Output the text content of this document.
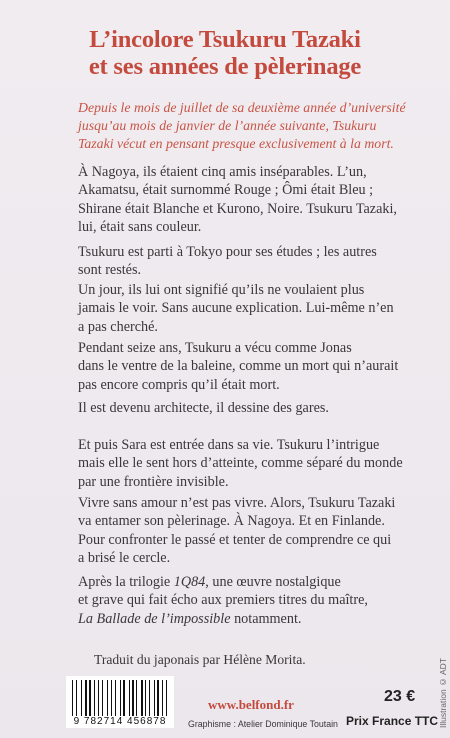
L’incolore Tsukuru Tazaki
et ses années de pèlerinage
Depuis le mois de juillet de sa deuxième année d’université
jusqu’au mois de janvier de l’année suivante, Tsukuru
Tazaki vécut en pensant presque exclusivement à la mort.

À Nagoya, ils étaient cinq amis inséparables. L’un,

Akamatsu, était surnommé Rouge ; Ômi était Bleu ;

Shirane était Blanche et Kurono, Noire. Tsukuru Tazaki,

lui, était sans couleur.

Tsukuru est parti à Tokyo pour ses études ; les autres

sont restés.

Un jour, ils lui ont signifié qu’ils ne voulaient plus

jamais le voir. Sans aucune explication. Lui-même n’en

a pas cherché.

Pendant seize ans, Tsukuru a vécu comme Jonas

dans le ventre de la baleine, comme un mort qui n’aurait

pas encore compris qu’il était mort.

Il est devenu architecte, il dessine des gares.

Et puis Sara est entrée dans sa vie. Tsukuru l’intrigue

mais elle le sent hors d’atteinte, comme séparé du monde

par une frontière invisible.

Vivre sans amour n’est pas vivre. Alors, Tsukuru Tazaki

va entamer son pèlerinage. À Nagoya. Et en Finlande.

Pour confronter le passé et tenter de comprendre ce qui

a brisé le cercle.

Après la trilogie 1Q84, une œuvre nostalgique

et grave qui fait écho aux premiers titres du maître,

La Ballade de l’impossible notamment.

Traduit du japonais par Hélène Morita.	Illustration © ADT
9 782714 456878
www.belfond.fr
Graphisme : Atelier Dominique Toutain
23 €
Prix France TTC
